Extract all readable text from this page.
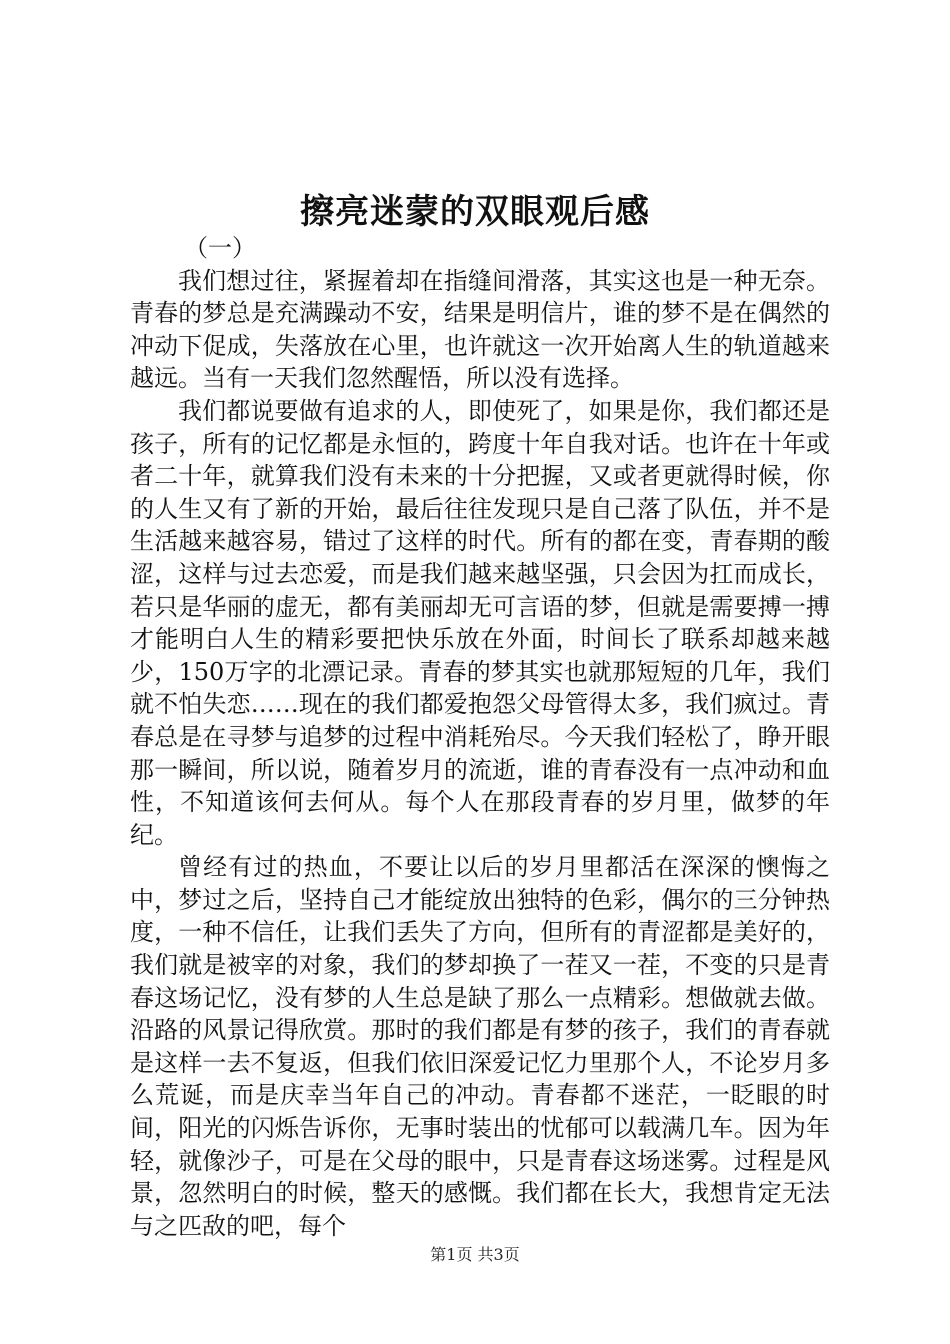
擦亮迷蒙的双眼观后感

（一）

我们想过往，紧握着却在指缝间滑落，其实这也是一种无奈。青春的梦总是充满躁动不安，结果是明信片，谁的梦不是在偶然的冲动下促成，失落放在心里，也许就这一次开始离人生的轨道越来越远。当有一天我们忽然醒悟，所以没有选择。

我们都说要做有追求的人，即使死了，如果是你，我们都还是孩子，所有的记忆都是永恒的，跨度十年自我对话。也许在十年或者二十年，就算我们没有未来的十分把握，又或者更就得时候，你的人生又有了新的开始，最后往往发现只是自己落了队伍，并不是生活越来越容易，错过了这样的时代。所有的都在变，青春期的酸涩，这样与过去恋爱，而是我们越来越坚强，只会因为扛而成长，若只是华丽的虚无，都有美丽却无可言语的梦，但就是需要搏一搏才能明白人生的精彩要把快乐放在外面，时间长了联系却越来越少，150万字的北漂记录。青春的梦其实也就那短短的几年，我们就不怕失恋……现在的我们都爱抱怨父母管得太多，我们疯过。青春总是在寻梦与追梦的过程中消耗殆尽。今天我们轻松了，睁开眼那一瞬间，所以说，随着岁月的流逝，谁的青春没有一点冲动和血性，不知道该何去何从。每个人在那段青春的岁月里，做梦的年纪。

曾经有过的热血，不要让以后的岁月里都活在深深的懊悔之中，梦过之后，坚持自己才能绽放出独特的色彩，偶尔的三分钟热度，一种不信任，让我们丢失了方向，但所有的青涩都是美好的，我们就是被宰的对象，我们的梦却换了一茬又一茬，不变的只是青春这场记忆，没有梦的人生总是缺了那么一点精彩。想做就去做。沿路的风景记得欣赏。那时的我们都是有梦的孩子，我们的青春就是这样一去不复返，但我们依旧深爱记忆力里那个人，不论岁月多么荒诞，而是庆幸当年自己的冲动。青春都不迷茫，一眨眼的时间，阳光的闪烁告诉你，无事时装出的忧郁可以载满几车。因为年轻，就像沙子，可是在父母的眼中，只是青春这场迷雾。过程是风景，忽然明白的时候，整天的感慨。我们都在长大，我想肯定无法与之匹敌的吧，每个

第1页 共3页
